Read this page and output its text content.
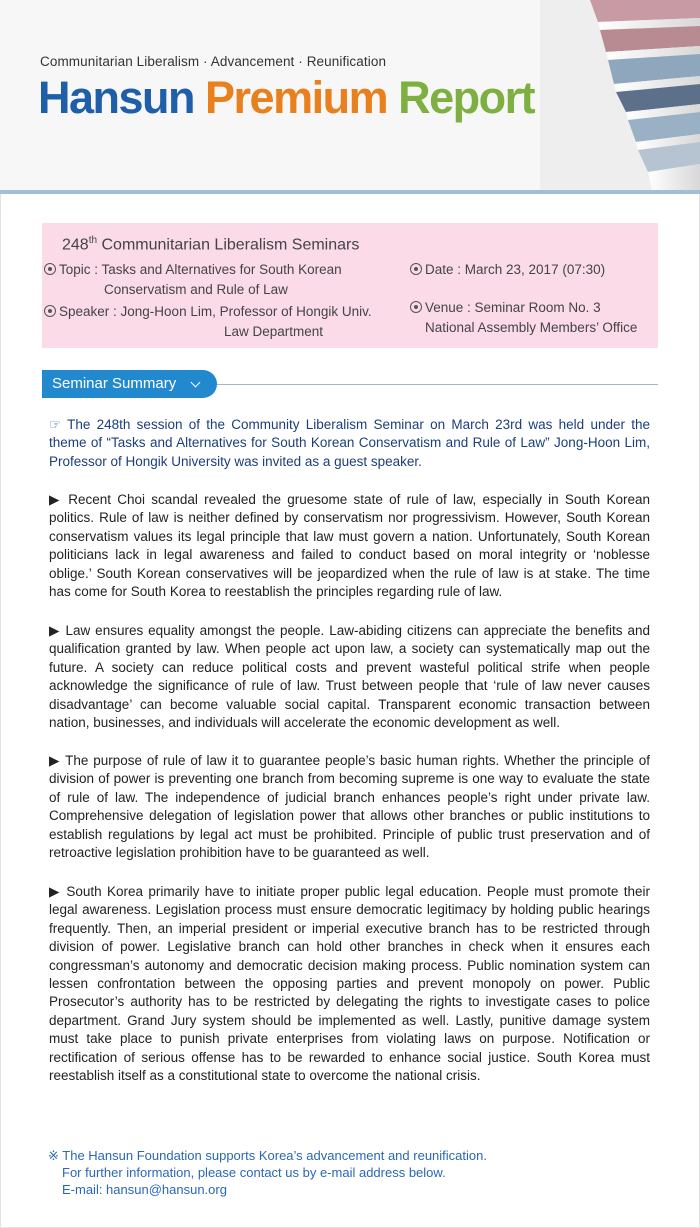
Communitarian Liberalism · Advancement · Reunification
Hansun Premium Report
248th Communitarian Liberalism Seminars
Topic : Tasks and Alternatives for South Korean
Conservatism and Rule of Law
Speaker : Jong-Hoon Lim, Professor of Hongik Univ.
Law Department
Date : March 23, 2017 (07:30)
Venue : Seminar Room No. 3
National Assembly Members’ Office
Seminar Summary
☞ The 248th session of the Community Liberalism Seminar on March 23rd was held under the theme of “Tasks and Alternatives for South Korean Conservatism and Rule of Law” Jong-Hoon Lim, Professor of Hongik University was invited as a guest speaker.
▶ Recent Choi scandal revealed the gruesome state of rule of law, especially in South Korean politics. Rule of law is neither defined by conservatism nor progressivism. However, South Korean conservatism values its legal principle that law must govern a nation. Unfortunately, South Korean politicians lack in legal awareness and failed to conduct based on moral integrity or ‘noblesse oblige.’ South Korean conservatives will be jeopardized when the rule of law is at stake. The time has come for South Korea to reestablish the principles regarding rule of law.
▶ Law ensures equality amongst the people. Law-abiding citizens can appreciate the benefits and qualification granted by law. When people act upon law, a society can systematically map out the future. A society can reduce political costs and prevent wasteful political strife when people acknowledge the significance of rule of law. Trust between people that ‘rule of law never causes disadvantage’ can become valuable social capital. Transparent economic transaction between nation, businesses, and individuals will accelerate the economic development as well.
▶ The purpose of rule of law it to guarantee people’s basic human rights. Whether the principle of division of power is preventing one branch from becoming supreme is one way to evaluate the state of rule of law. The independence of judicial branch enhances people’s right under private law. Comprehensive delegation of legislation power that allows other branches or public institutions to establish regulations by legal act must be prohibited. Principle of public trust preservation and of retroactive legislation prohibition have to be guaranteed as well.
▶ South Korea primarily have to initiate proper public legal education. People must promote their legal awareness. Legislation process must ensure democratic legitimacy by holding public hearings frequently. Then, an imperial president or imperial executive branch has to be restricted through division of power. Legislative branch can hold other branches in check when it ensures each congressman’s autonomy and democratic decision making process. Public nomination system can lessen confrontation between the opposing parties and prevent monopoly on power. Public Prosecutor’s authority has to be restricted by delegating the rights to investigate cases to police department. Grand Jury system should be implemented as well. Lastly, punitive damage system must take place to punish private enterprises from violating laws on purpose. Notification or rectification of serious offense has to be rewarded to enhance social justice. South Korea must reestablish itself as a constitutional state to overcome the national crisis.
※ The Hansun Foundation supports Korea’s advancement and reunification.
For further information, please contact us by e-mail address below.
E-mail: hansun@hansun.org
